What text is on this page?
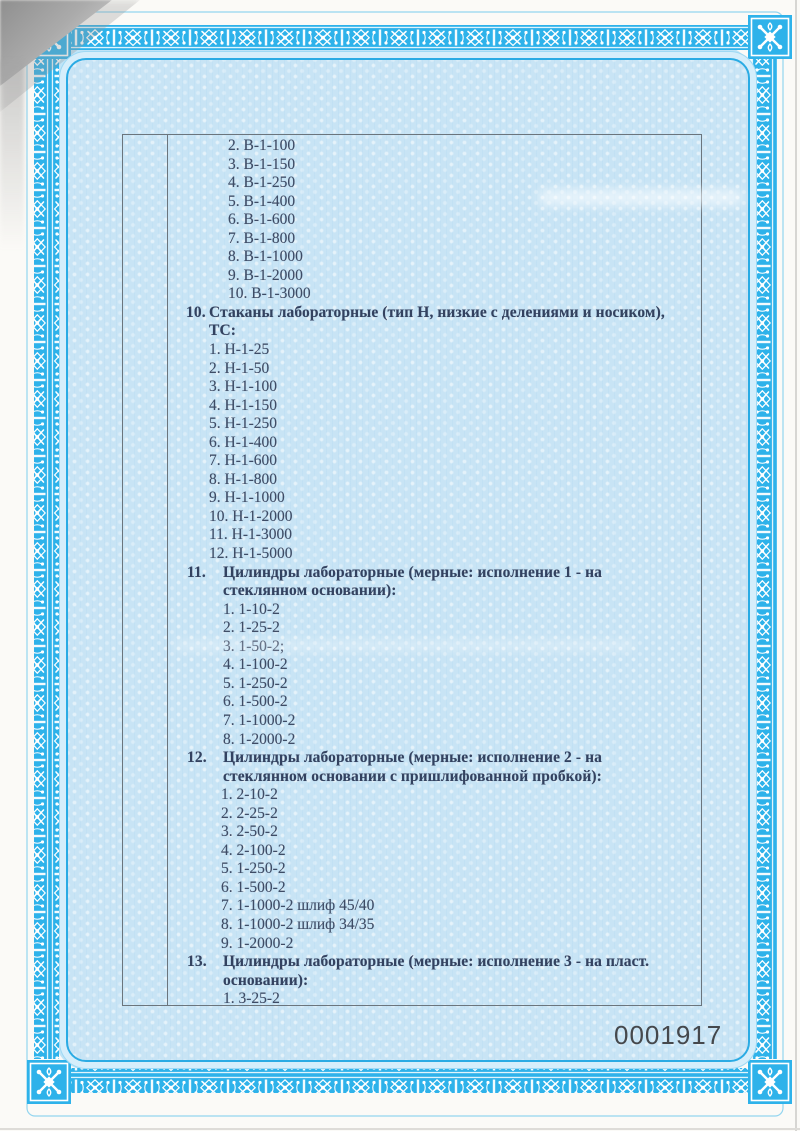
2. В-1-100
3. В-1-150
4. В-1-250
5. В-1-400
6. В-1-600
7. В-1-800
8. В-1-1000
9. В-1-2000
10. В-1-3000
Стаканы лабораторные (тип Н, низкие с делениями и носиком),
10.
ТС:
1. Н-1-25
2. Н-1-50
3. Н-1-100
4. Н-1-150
5. Н-1-250
6. Н-1-400
7. Н-1-600
8. Н-1-800
9. Н-1-1000
10. Н-1-2000
11. Н-1-3000
12. Н-1-5000
Цилиндры лабораторные (мерные: исполнение 1 - на
11.
стеклянном основании):
1. 1-10-2
2. 1-25-2
3. 1-50-2;
4. 1-100-2
5. 1-250-2
6. 1-500-2
7. 1-1000-2
8. 1-2000-2
Цилиндры лабораторные (мерные: исполнение 2 - на
12.
стеклянном основании с пришлифованной пробкой):
1. 2-10-2
2. 2-25-2
3. 2-50-2
4. 2-100-2
5. 1-250-2
6. 1-500-2
7. 1-1000-2 шлиф 45/40
8. 1-1000-2 шлиф 34/35
9. 1-2000-2
Цилиндры лабораторные (мерные: исполнение 3 - на пласт.
13.
основании):
1. 3-25-2
0001917
